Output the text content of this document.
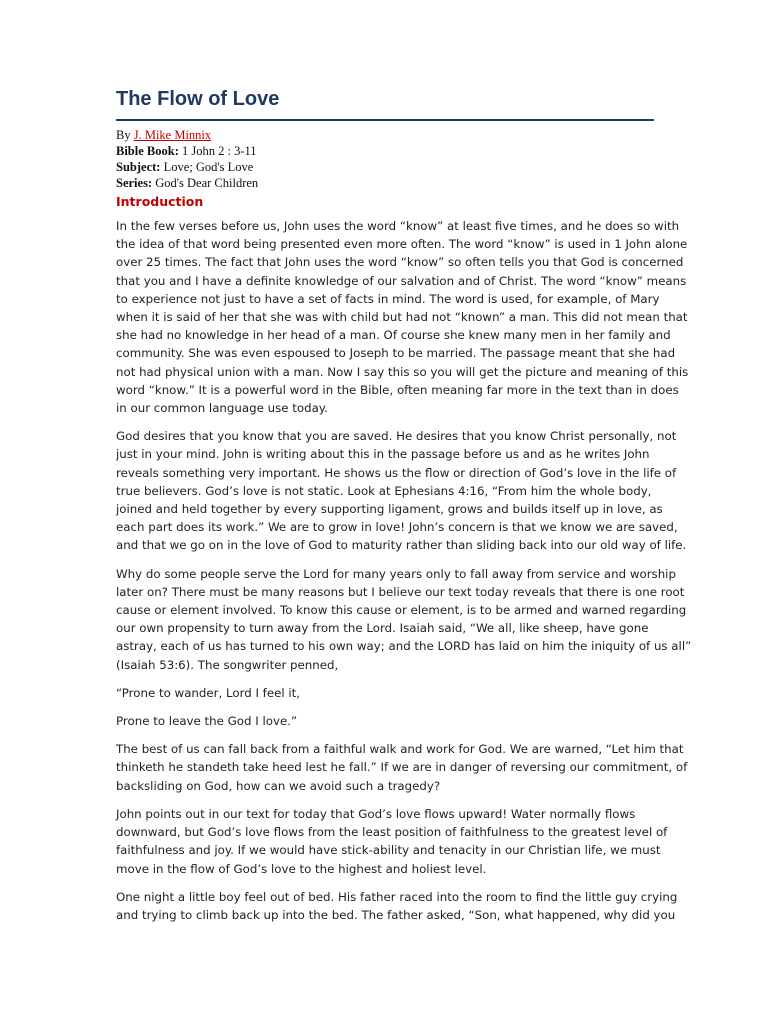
The Flow of Love
By J. Mike Minnix
Bible Book: 1 John 2 : 3-11
Subject: Love; God's Love
Series: God's Dear Children
Introduction

In the few verses before us, John uses the word “know” at least five times, and he does so with
the idea of that word being presented even more often. The word “know” is used in 1 John alone
over 25 times. The fact that John uses the word “know” so often tells you that God is concerned
that you and I have a definite knowledge of our salvation and of Christ. The word “know” means
to experience not just to have a set of facts in mind. The word is used, for example, of Mary
when it is said of her that she was with child but had not “known” a man. This did not mean that
she had no knowledge in her head of a man. Of course she knew many men in her family and
community. She was even espoused to Joseph to be married. The passage meant that she had
not had physical union with a man. Now I say this so you will get the picture and meaning of this
word “know.” It is a powerful word in the Bible, often meaning far more in the text than in does
in our common language use today.

God desires that you know that you are saved. He desires that you know Christ personally, not
just in your mind. John is writing about this in the passage before us and as he writes John
reveals something very important. He shows us the flow or direction of God’s love in the life of
true believers. God’s love is not static. Look at Ephesians 4:16, “From him the whole body,
joined and held together by every supporting ligament, grows and builds itself up in love, as
each part does its work.” We are to grow in love! John’s concern is that we know we are saved,
and that we go on in the love of God to maturity rather than sliding back into our old way of life.

Why do some people serve the Lord for many years only to fall away from service and worship
later on? There must be many reasons but I believe our text today reveals that there is one root
cause or element involved. To know this cause or element, is to be armed and warned regarding
our own propensity to turn away from the Lord. Isaiah said, “We all, like sheep, have gone
astray, each of us has turned to his own way; and the LORD has laid on him the iniquity of us all”
(Isaiah 53:6). The songwriter penned,

“Prone to wander, Lord I feel it,

Prone to leave the God I love.”

The best of us can fall back from a faithful walk and work for God. We are warned, “Let him that
thinketh he standeth take heed lest he fall.” If we are in danger of reversing our commitment, of
backsliding on God, how can we avoid such a tragedy?

John points out in our text for today that God’s love flows upward! Water normally flows
downward, but God’s love flows from the least position of faithfulness to the greatest level of
faithfulness and joy. If we would have stick-ability and tenacity in our Christian life, we must
move in the flow of God’s love to the highest and holiest level.

One night a little boy feel out of bed. His father raced into the room to find the little guy crying
and trying to climb back up into the bed. The father asked, “Son, what happened, why did you
